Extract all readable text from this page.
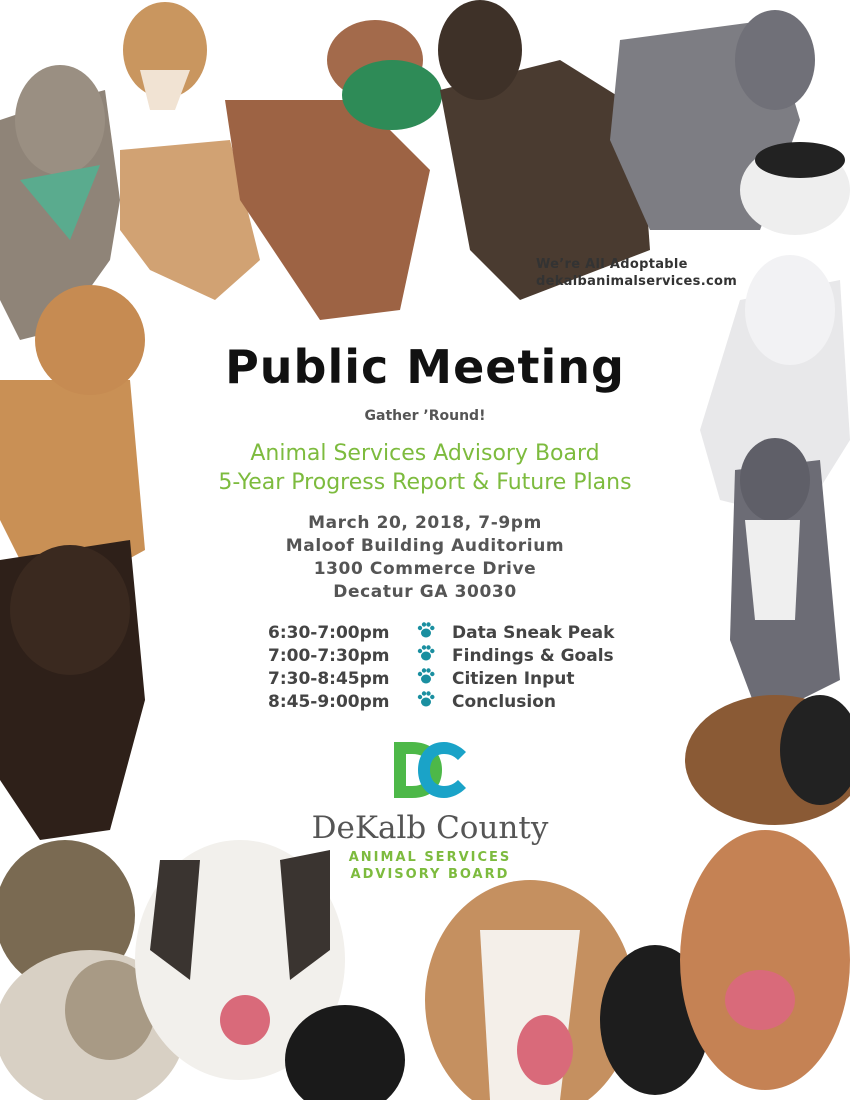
We’re All Adoptable
dekalbanimalservices.com
Public Meeting
Gather ’Round!
Animal Services Advisory Board
5-Year Progress Report & Future Plans
March 20, 2018, 7-9pm
Maloof Building Auditorium
1300 Commerce Drive
Decatur GA 30030
6:30-7:00pm	Data Sneak Peak
7:00-7:30pm	Findings & Goals
7:30-8:45pm	Citizen Input
8:45-9:00pm	Conclusion
DeKalb County
ANIMAL SERVICES
ADVISORY BOARD
